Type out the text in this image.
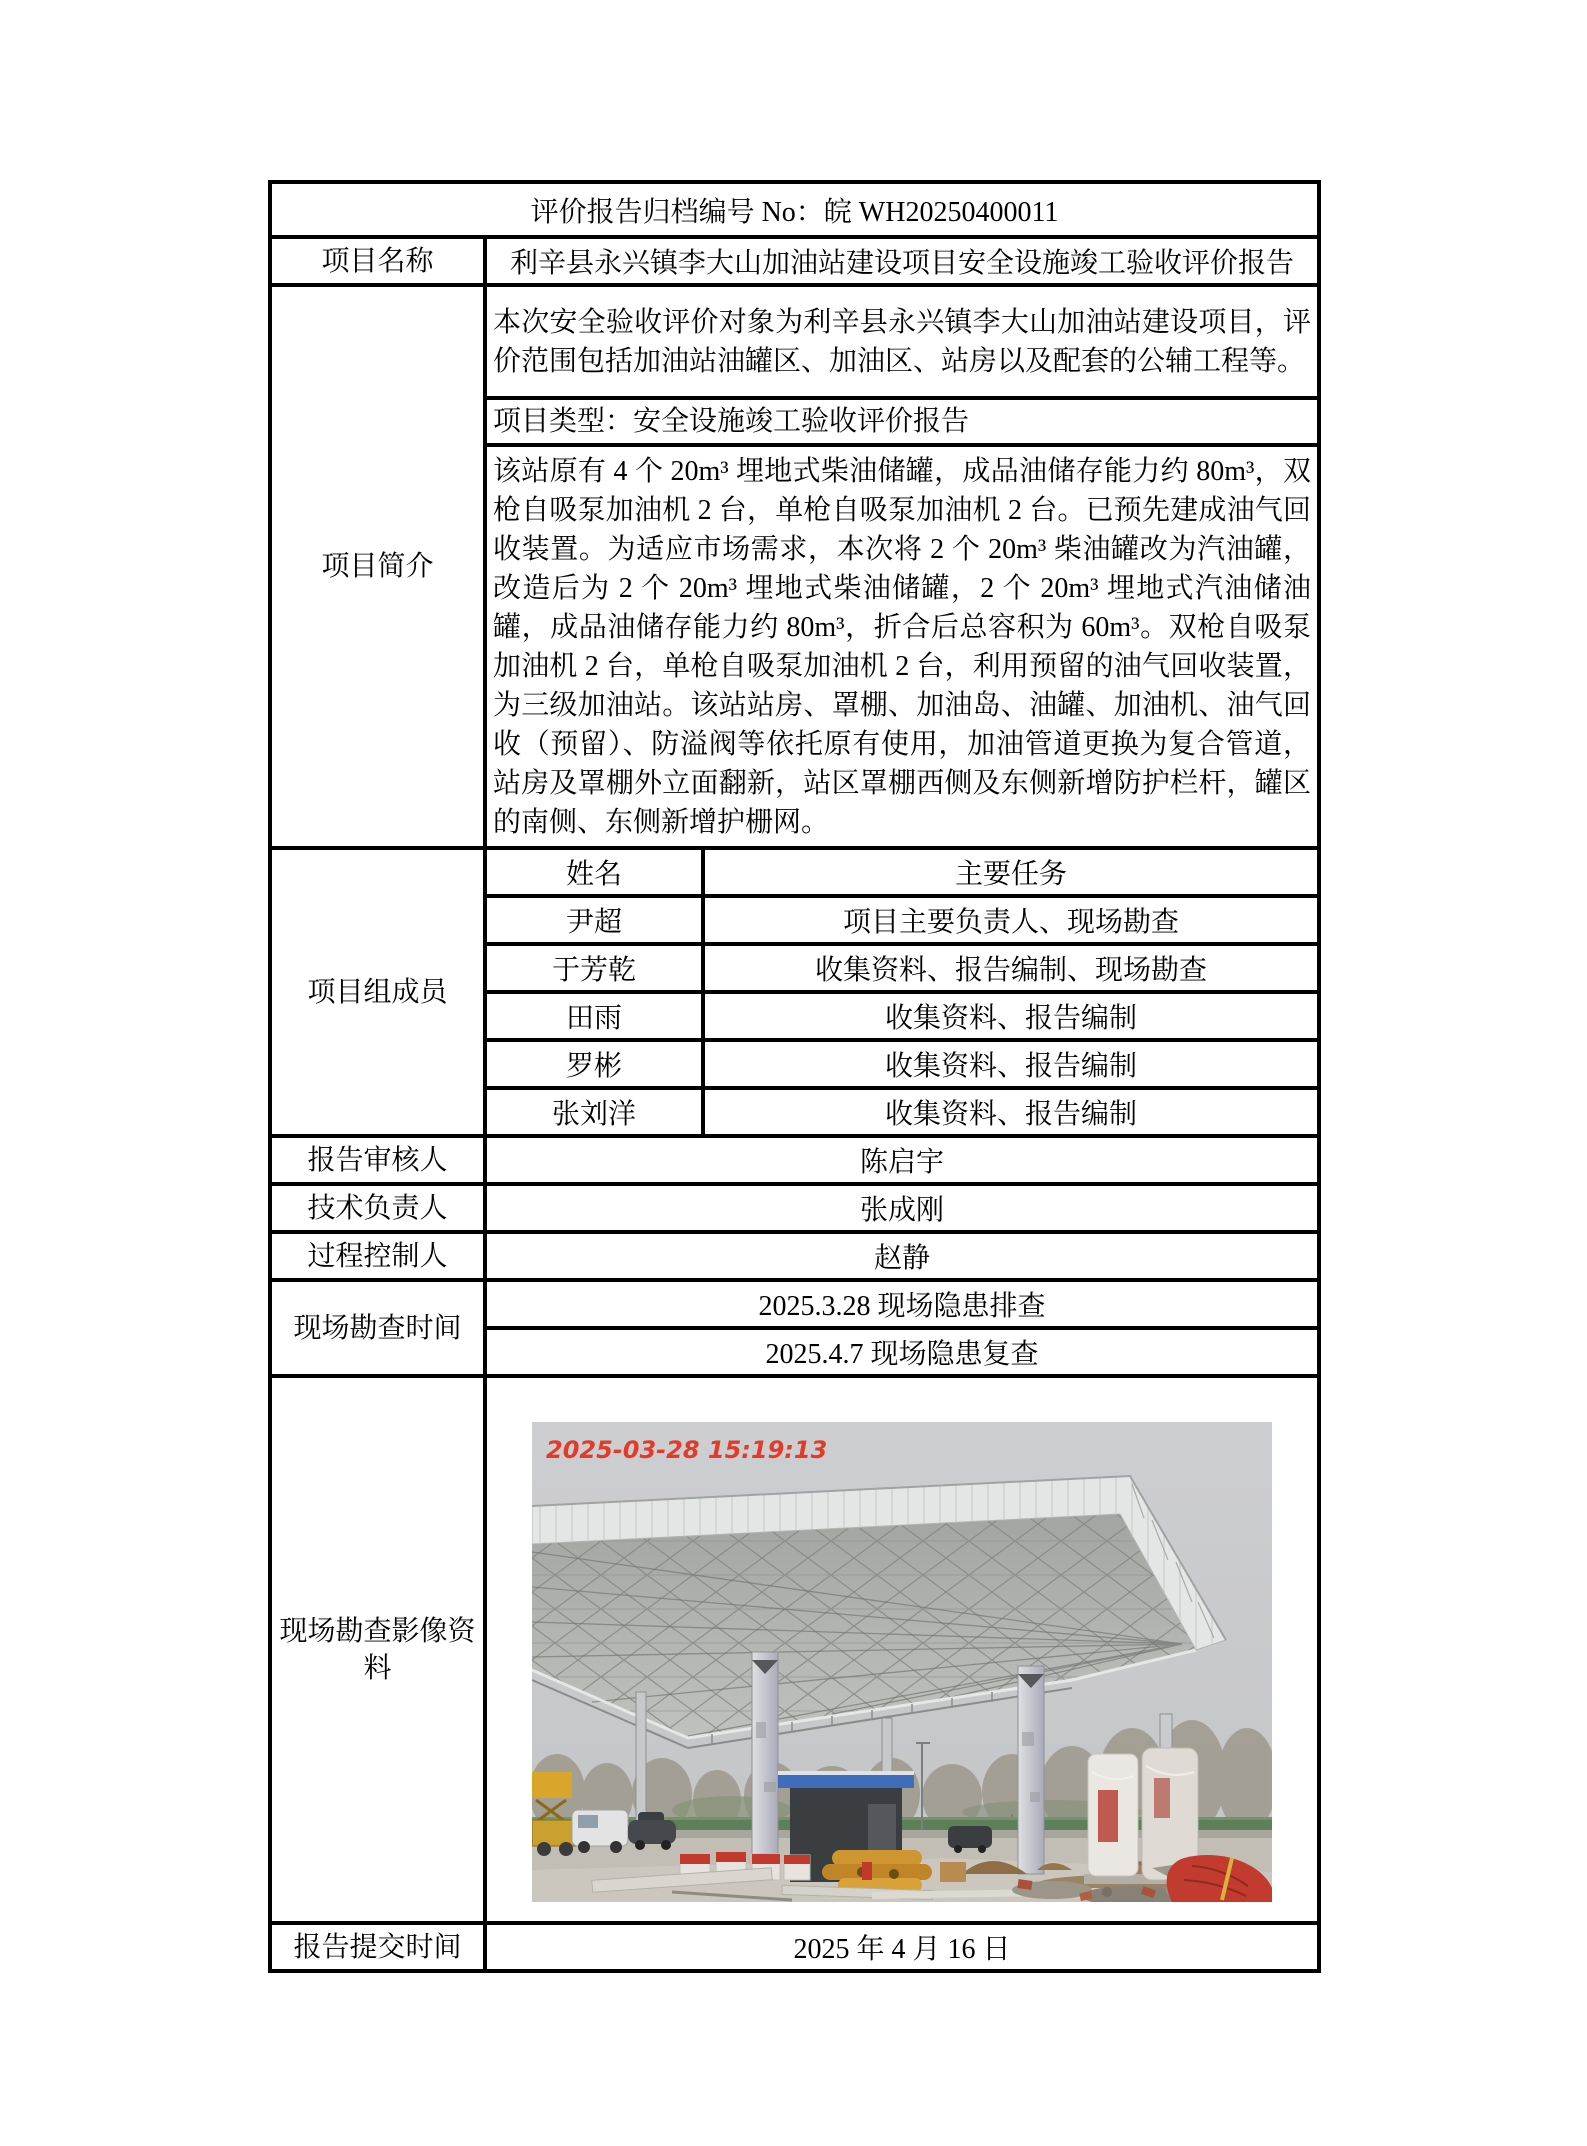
评价报告归档编号 No：皖 WH20250400011		
项目名称	利辛县永兴镇李大山加油站建设项目安全设施竣工验收评价报告	
项目简介	本次安全验收评价对象为利辛县永兴镇李大山加油站建设项目，评价范围包括加油站油罐区、加油区、站房以及配套的公辅工程等。	
	项目类型：安全设施竣工验收评价报告	
	该站原有 4 个 20m³ 埋地式柴油储罐，成品油储存能力约 80m³，双枪自吸泵加油机 2 台，单枪自吸泵加油机 2 台。已预先建成油气回收装置。为适应市场需求，本次将 2 个 20m³ 柴油罐改为汽油罐，改造后为 2 个 20m³ 埋地式柴油储罐，2 个 20m³ 埋地式汽油储油罐，成品油储存能力约 80m³，折合后总容积为 60m³。双枪自吸泵加油机 2 台，单枪自吸泵加油机 2 台，利用预留的油气回收装置，为三级加油站。该站站房、罩棚、加油岛、油罐、加油机、油气回收（预留）、防溢阀等依托原有使用，加油管道更换为复合管道，站房及罩棚外立面翻新，站区罩棚西侧及东侧新增防护栏杆，罐区的南侧、东侧新增护栅网。	
项目组成员	姓名	主要任务
	尹超	项目主要负责人、现场勘查
	于芳乾	收集资料、报告编制、现场勘查
	田雨	收集资料、报告编制
	罗彬	收集资料、报告编制
	张刘洋	收集资料、报告编制
报告审核人	陈启宇	
技术负责人	张成刚	
过程控制人	赵静	
现场勘查时间	2025.3.28 现场隐患排查	
	2025.4.7 现场隐患复查	
现场勘查影像资料	2025-03-28 15:19:13	

报告提交时间	2025 年 4 月 16 日	
